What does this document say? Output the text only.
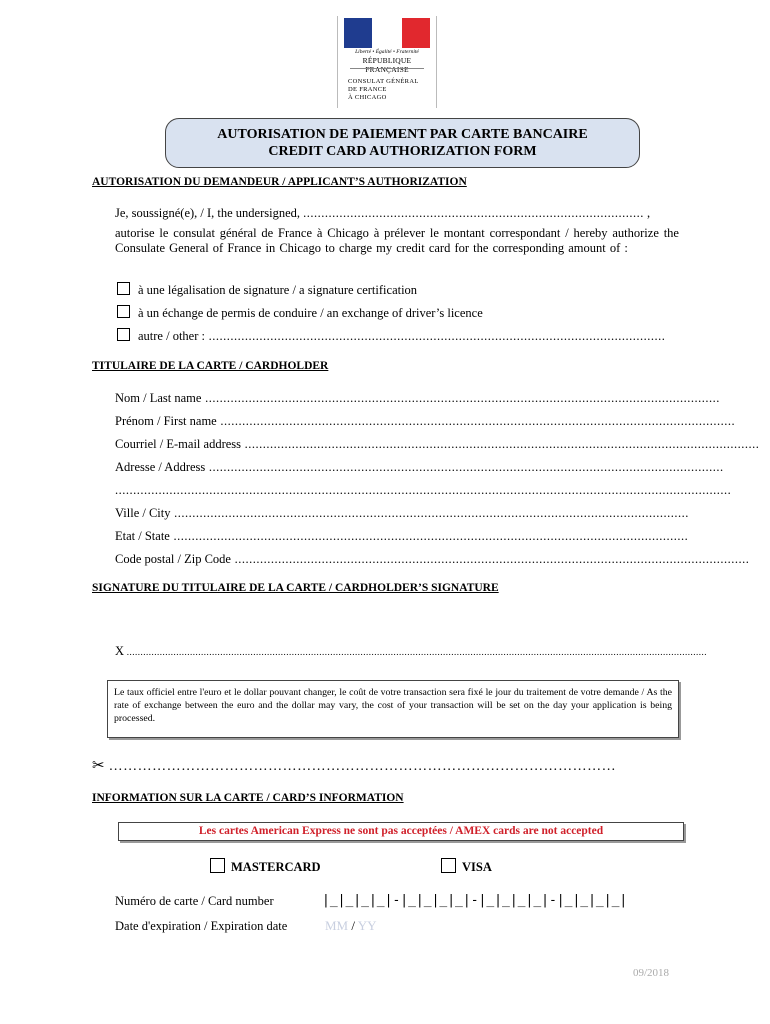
Liberté • Égalité • Fraternité
RÉPUBLIQUE FRANÇAISE
CONSULAT GÉNÉRAL
DE FRANCE
À CHICAGO
AUTORISATION DE PAIEMENT PAR CARTE BANCAIRE
CREDIT CARD AUTHORIZATION FORM
AUTORISATION DU DEMANDEUR / APPLICANT’S AUTHORIZATION
Je, soussigné(e), / I, the undersigned, .............................................................................................. ,
autorise le consulat général de France à Chicago à prélever le montant correspondant / hereby authorize the Consulate General of France in Chicago to charge my credit card for the corresponding amount of :
à une légalisation de signature / a signature certification
à un échange de permis de conduire / an exchange of driver’s licence
autre / other : ..............................................................................................................................
TITULAIRE DE LA CARTE / CARDHOLDER
Nom / Last name ..............................................................................................................................................
Prénom / First name ..............................................................................................................................................
Courriel / E-mail address ..............................................................................................................................................
Adresse / Address ..............................................................................................................................................
..........................................................................................................................................................................
Ville / City ..............................................................................................................................................
Etat / State ..............................................................................................................................................
Code postal / Zip Code ..............................................................................................................................................
SIGNATURE DU TITULAIRE DE LA CARTE / CARDHOLDER’S SIGNATURE
X ...................................................................................................................................................................................................................
Le taux officiel entre l'euro et le dollar pouvant changer, le coût de votre transaction sera fixé le jour du traitement de votre demande / As the rate of exchange between the euro and the dollar may vary, the cost of your transaction will be set on the day your application is being processed.
✂ ……………………………………………………………………………………………
INFORMATION SUR LA CARTE / CARD’S INFORMATION
Les cartes American Express ne sont pas acceptées / AMEX cards are not accepted
MASTERCARD	VISA
Numéro de carte / Card number	|_|_|_|_|-|_|_|_|_|-|_|_|_|_|-|_|_|_|_|
Date d'expiration / Expiration date	MM / YY
09/2018
